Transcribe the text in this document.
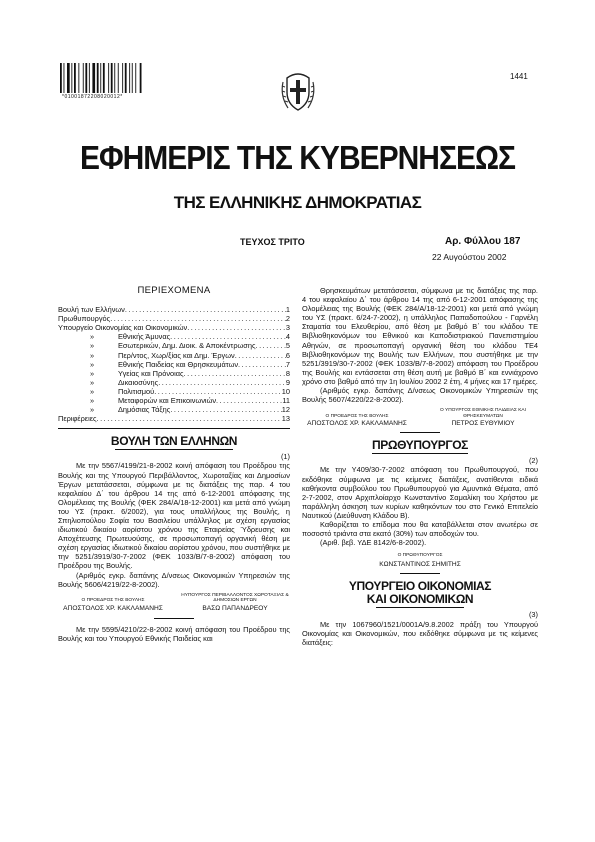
*01001872208020012*
1441
ΕΦΗΜΕΡΙΣ ΤΗΣ ΚΥΒΕΡΝΗΣΕΩΣ
ΤΗΣ ΕΛΛΗΝΙΚΗΣ ΔΗΜΟΚΡΑΤΙΑΣ
ΤΕΥΧΟΣ ΤΡΙΤΟ	Αρ. Φύλλου 187
22 Αυγούστου 2002
ΠΕΡΙΕΧΟΜΕΝΑ
Βουλή των Ελλήνων .....	1
Πρωθυπουργός .....	2
Υπουργείο Οικονομίας και Οικονομικών .....	3
»	Εθνικής Άμυνας .....	4
»	Εσωτερικών, Δημ. Διοικ. & Αποκέντρωσης .....	5
»	Περ/ντος, Χωρ/ξίας και Δημ. Έργων .....	6
»	Εθνικής Παιδείας και Θρησκευμάτων .....	7
»	Υγείας και Πρόνοιας .....	8
»	Δικαιοσύνης .....	9
»	Πολιτισμού .....	10
»	Μεταφορών και Επικοινωνιών .....	11
»	Δημόσιας Τάξης .....	12
Περιφέρειες .....	13
ΒΟΥΛΗ ΤΩΝ ΕΛΛΗΝΩΝ
(1)
Με την 5567/4199/21-8-2002 κοινή απόφαση του Προέδρου της Βουλής και της Υπουργού Περιβάλλοντος, Χωροταξίας και Δημοσίων Έργων μετατάσσεται, σύμφωνα με τις διατάξεις της παρ. 4 του κεφαλαίου Δ΄ του άρθρου 14 της από 6-12-2001 απόφασης της Ολομέλειας της Βουλής (ΦΕΚ 284/Α/18-12-2001) και μετά από γνώμη του ΥΣ (πρακτ. 6/2002), για τους υπαλλήλους της Βουλής, η Σπηλιοπούλου Σοφία του Βασιλείου υπάλληλος με σχέση εργασίας ιδιωτικού δικαίου αορίστου χρόνου της Εταιρείας Ύδρευσης και Αποχέτευσης Πρωτευούσης, σε προσωποπαγή οργανική θέση με σχέση εργασίας ιδιωτικού δικαίου αορίστου χρόνου, που συστήθηκε με την 5251/3919/30-7-2002 (ΦΕΚ 1033/Β/7-8-2002) απόφαση του Προέδρου της Βουλής.
(Αριθμός εγκρ. δαπάνης Δ/νσεως Οικονομικών Υπηρεσιών της Βουλής 5606/4219/22-8-2002).
Ο ΠΡΟΕΔΡΟΣ ΤΗΣ ΒΟΥΛΗΣ
ΑΠΟΣΤΟΛΟΣ ΧΡ. ΚΑΚΛΑΜΑΝΗΣ
ΗΥΠΟΥΡΓΟΣ ΠΕΡΙΒΑΛΛΟΝΤΟΣ ΧΩΡΟΤΑΞΙΑΣ & ΔΗΜΟΣΙΩΝ ΕΡΓΩΝ
ΒΑΣΩ ΠΑΠΑΝΔΡΕΟΥ
Με την 5595/4210/22-8-2002 κοινή απόφαση του Προέδρου της Βουλής και του Υπουργού Εθνικής Παιδείας και
Θρησκευμάτων μετατάσσεται, σύμφωνα με τις διατάξεις της παρ. 4 του κεφαλαίου Δ΄ του άρθρου 14 της από 6-12-2001 απόφασης της Ολομέλειας της Βουλής (ΦΕΚ 284/Α/18-12-2001) και μετά από γνώμη του ΥΣ (πρακτ. 6/24-7-2002), η υπάλληλος Παπαδοπούλου - Γαρνέλη Σταματία του Ελευθερίου, από θέση με βαθμό Β΄ του κλάδου ΤΕ Βιβλιοθηκονόμων του Εθνικού και Καποδιστριακού Πανεπιστημίου Αθηνών, σε προσωποπαγή οργανική θέση του κλάδου ΤΕ4 Βιβλιοθηκονόμων της Βουλής των Ελλήνων, που συστήθηκε με την 5251/3919/30-7-2002 (ΦΕΚ 1033/Β/7-8-2002) απόφαση του Προέδρου της Βουλής και εντάσσεται στη θέση αυτή με βαθμό Β΄ και εννιάχρονο χρόνο στο βαθμό από την 1η Ιουλίου 2002 2 έτη, 4 μήνες και 17 ημέρες.
(Αριθμός εγκρ. δαπάνης Δ/νσεως Οικονομικών Υπηρεσιών της Βουλής 5607/4220/22-8-2002).
Ο ΠΡΟΕΔΡΟΣ ΤΗΣ ΒΟΥΛΗΣ
ΑΠΟΣΤΟΛΟΣ ΧΡ. ΚΑΚΛΑΜΑΝΗΣ
Ο ΥΠΟΥΡΓΟΣ ΕΘΝΙΚΗΣ ΠΑΙΔΕΙΑΣ ΚΑΙ ΘΡΗΣΚΕΥΜΑΤΩΝ
ΠΕΤΡΟΣ ΕΥΘΥΜΙΟΥ
ΠΡΩΘΥΠΟΥΡΓΟΣ
(2)
Με την Υ409/30-7-2002 απόφαση του Πρωθυπουργού, που εκδόθηκε σύμφωνα με τις κείμενες διατάξεις, ανατίθενται ειδικά καθήκοντα συμβούλου του Πρωθυπουργού για Αμυντικά Θέματα, από 2-7-2002, στον Αρχιπλοίαρχο Κωνσταντίνο Σαμαλίκη του Χρήστου με παράλληλη άσκηση των κυρίων καθηκόντων του στο Γενικό Επιτελείο Ναυτικού (Διεύθυνση Κλάδου Β).
Καθορίζεται το επίδομα που θα καταβάλλεται στον ανωτέρω σε ποσοστό τριάντα στα εκατό (30%) των αποδοχών του.
(Αριθ. βεβ. ΥΔΕ 8142/6-8-2002).
Ο ΠΡΩΘΥΠΟΥΡΓΟΣ
ΚΩΝΣΤΑΝΤΙΝΟΣ ΣΗΜΙΤΗΣ
ΥΠΟΥΡΓΕΙΟ ΟΙΚΟΝΟΜΙΑΣ
ΚΑΙ ΟΙΚΟΝΟΜΙΚΩΝ
(3)
Με την 1067960/1521/0001Α/9.8.2002 πράξη του Υπουργού Οικονομίας και Οικονομικών, που εκδόθηκε σύμφωνα με τις κείμενες διατάξεις:
